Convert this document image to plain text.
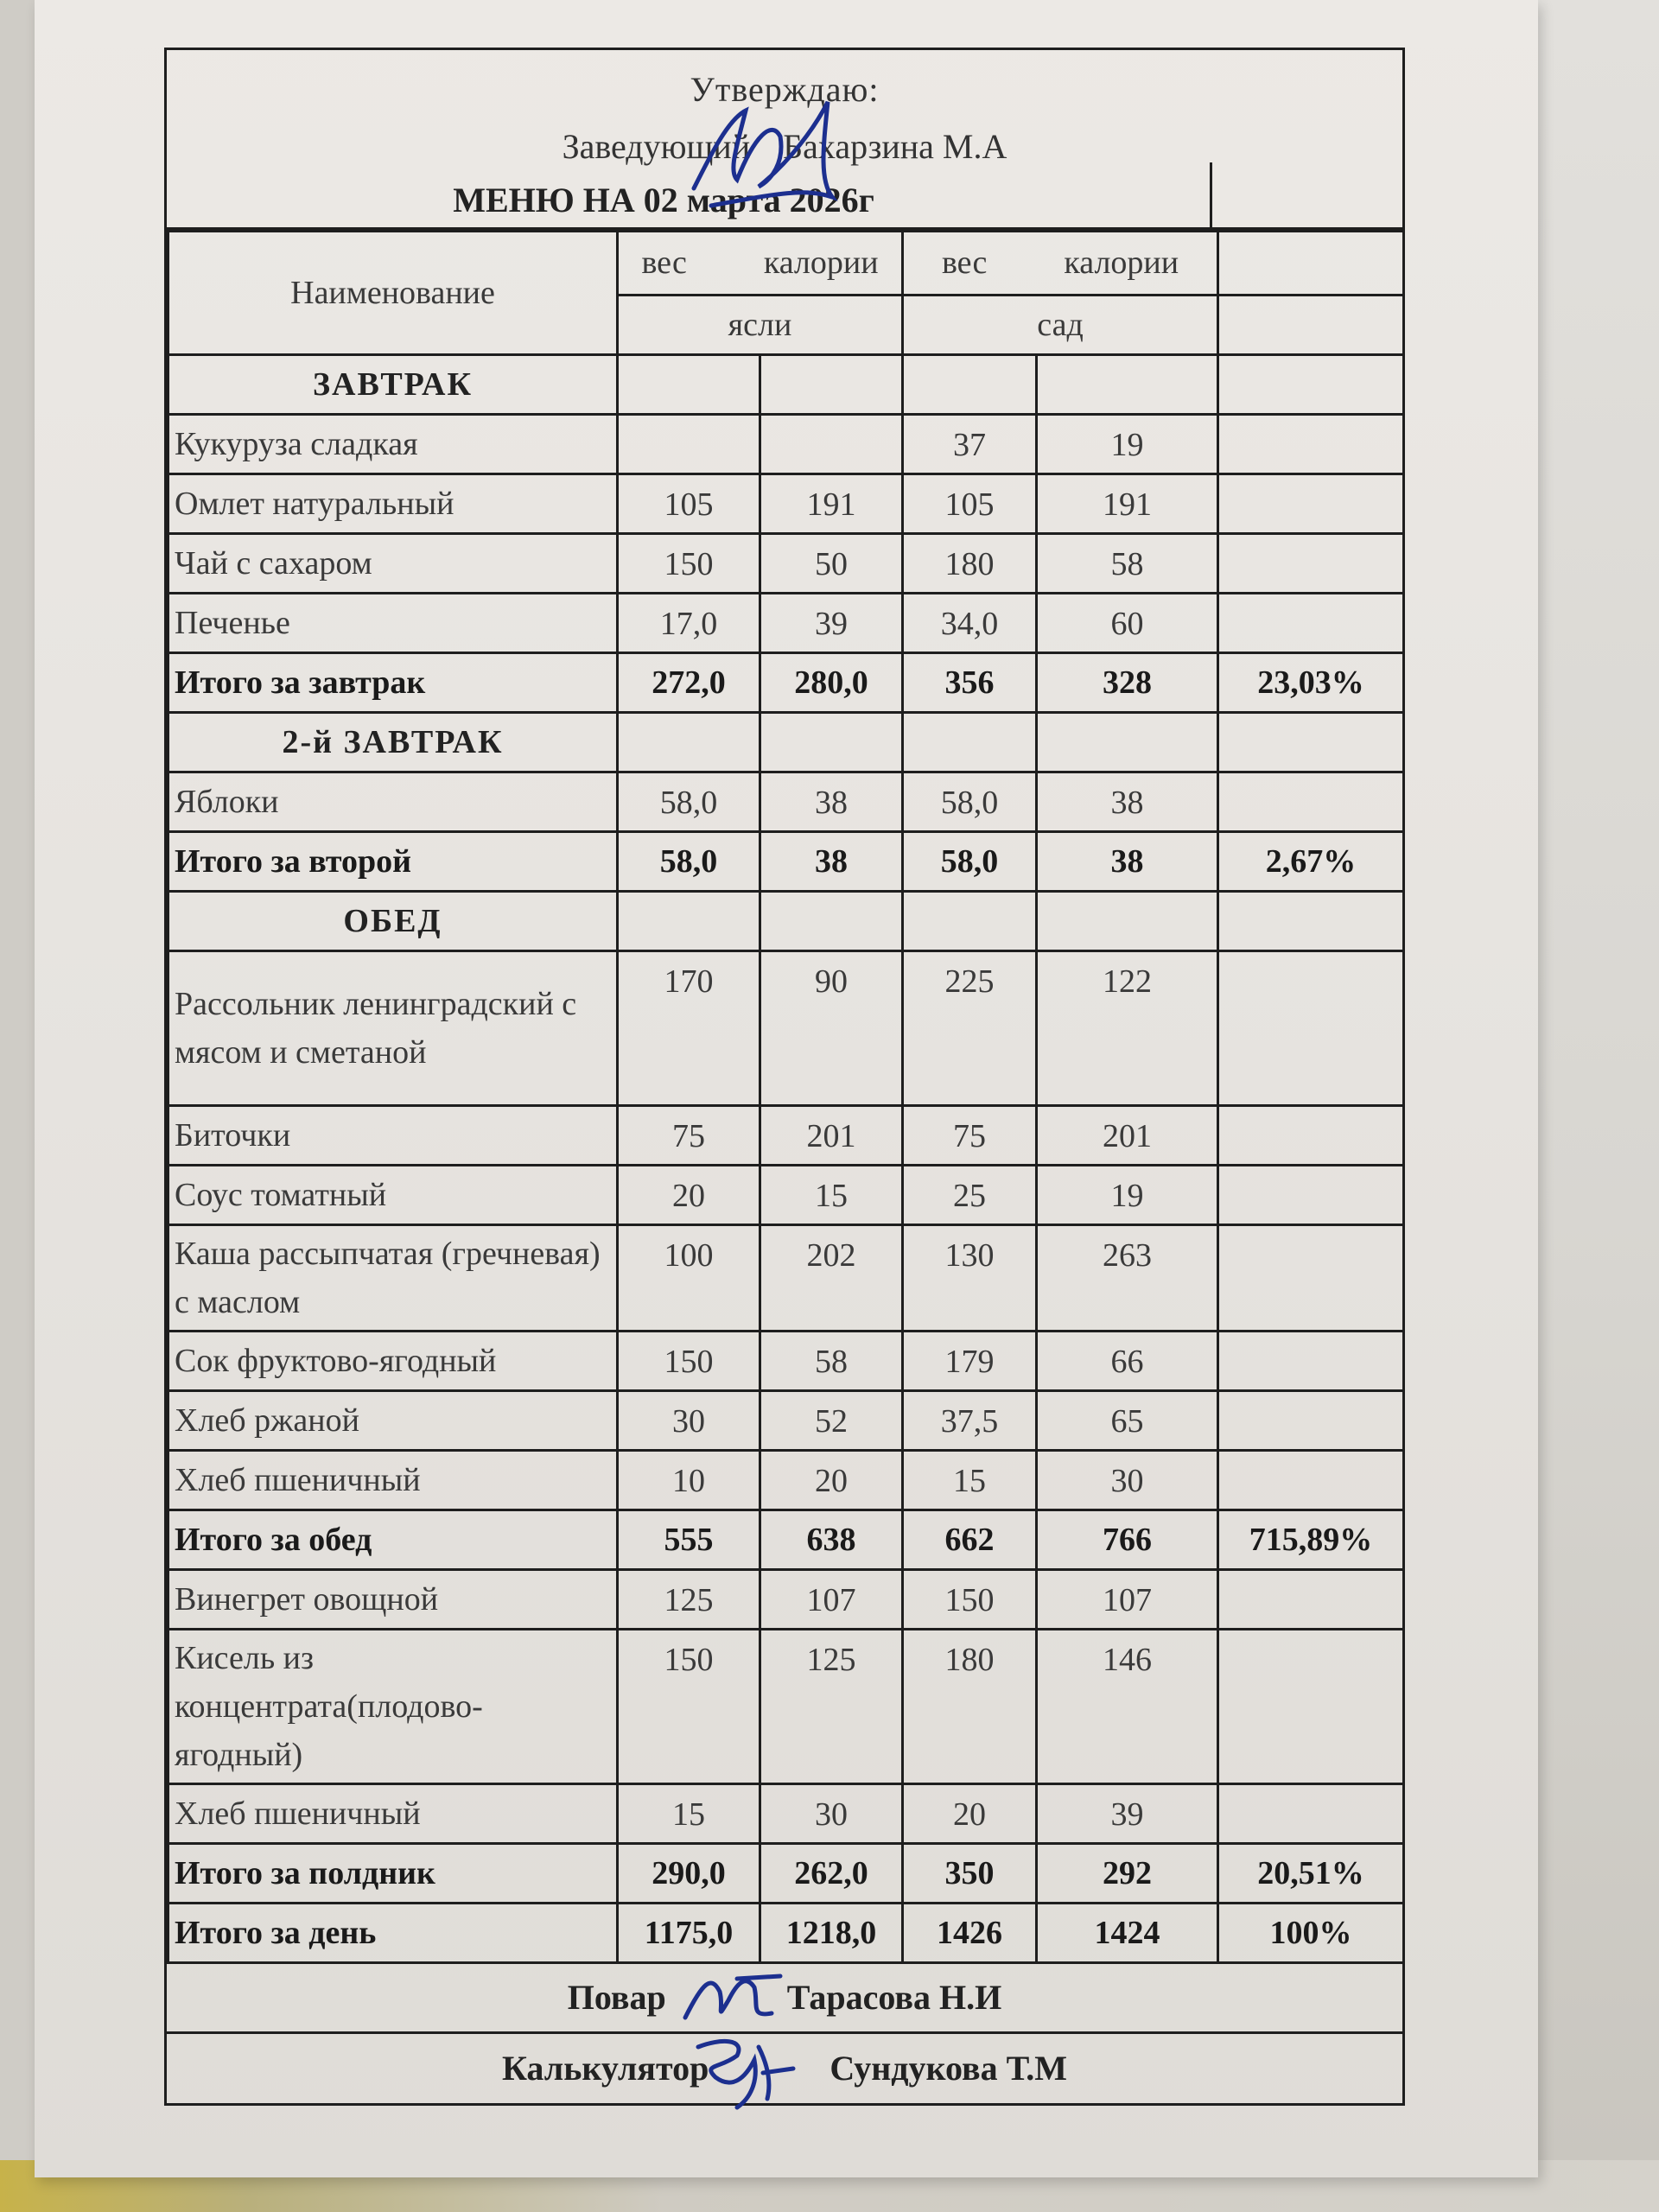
Утверждаю:
Заведующий Бахарзина М.А
МЕНЮ НА 02 марта 2026г
Наименование	вес калории		вес калории		
	ясли		сад		
ЗАВТРАК					
Кукуруза сладкая			37	19	
Омлет натуральный	105	191	105	191	
Чай с сахаром	150	50	180	58	
Печенье	17,0	39	34,0	60	
Итого за завтрак	272,0	280,0	356	328	23,03%
2-й ЗАВТРАК					
Яблоки	58,0	38	58,0	38	
Итого за второй	58,0	38	58,0	38	2,67%
ОБЕД					
Рассольник ленинградский с мясом и сметаной	170	90	225	122	
Биточки	75	201	75	201	
Соус томатный	20	15	25	19	
Каша рассыпчатая (гречневая) с маслом	100	202	130	263	
Сок фруктово-ягодный	150	58	179	66	
Хлеб ржаной	30	52	37,5	65	
Хлеб пшеничный	10	20	15	30	
Итого за обед	555	638	662	766	715,89%
Винегрет овощной	125	107	150	107	
Кисель из концентрата(плодово-ягодный)	150	125	180	146	
Хлеб пшеничный	15	30	20	39	
Итого за полдник	290,0	262,0	350	292	20,51%
Итого за день	1175,0	1218,0	1426	1424	100%
Повар	Тарасова Н.И
Калькулятор	Сундукова Т.М
